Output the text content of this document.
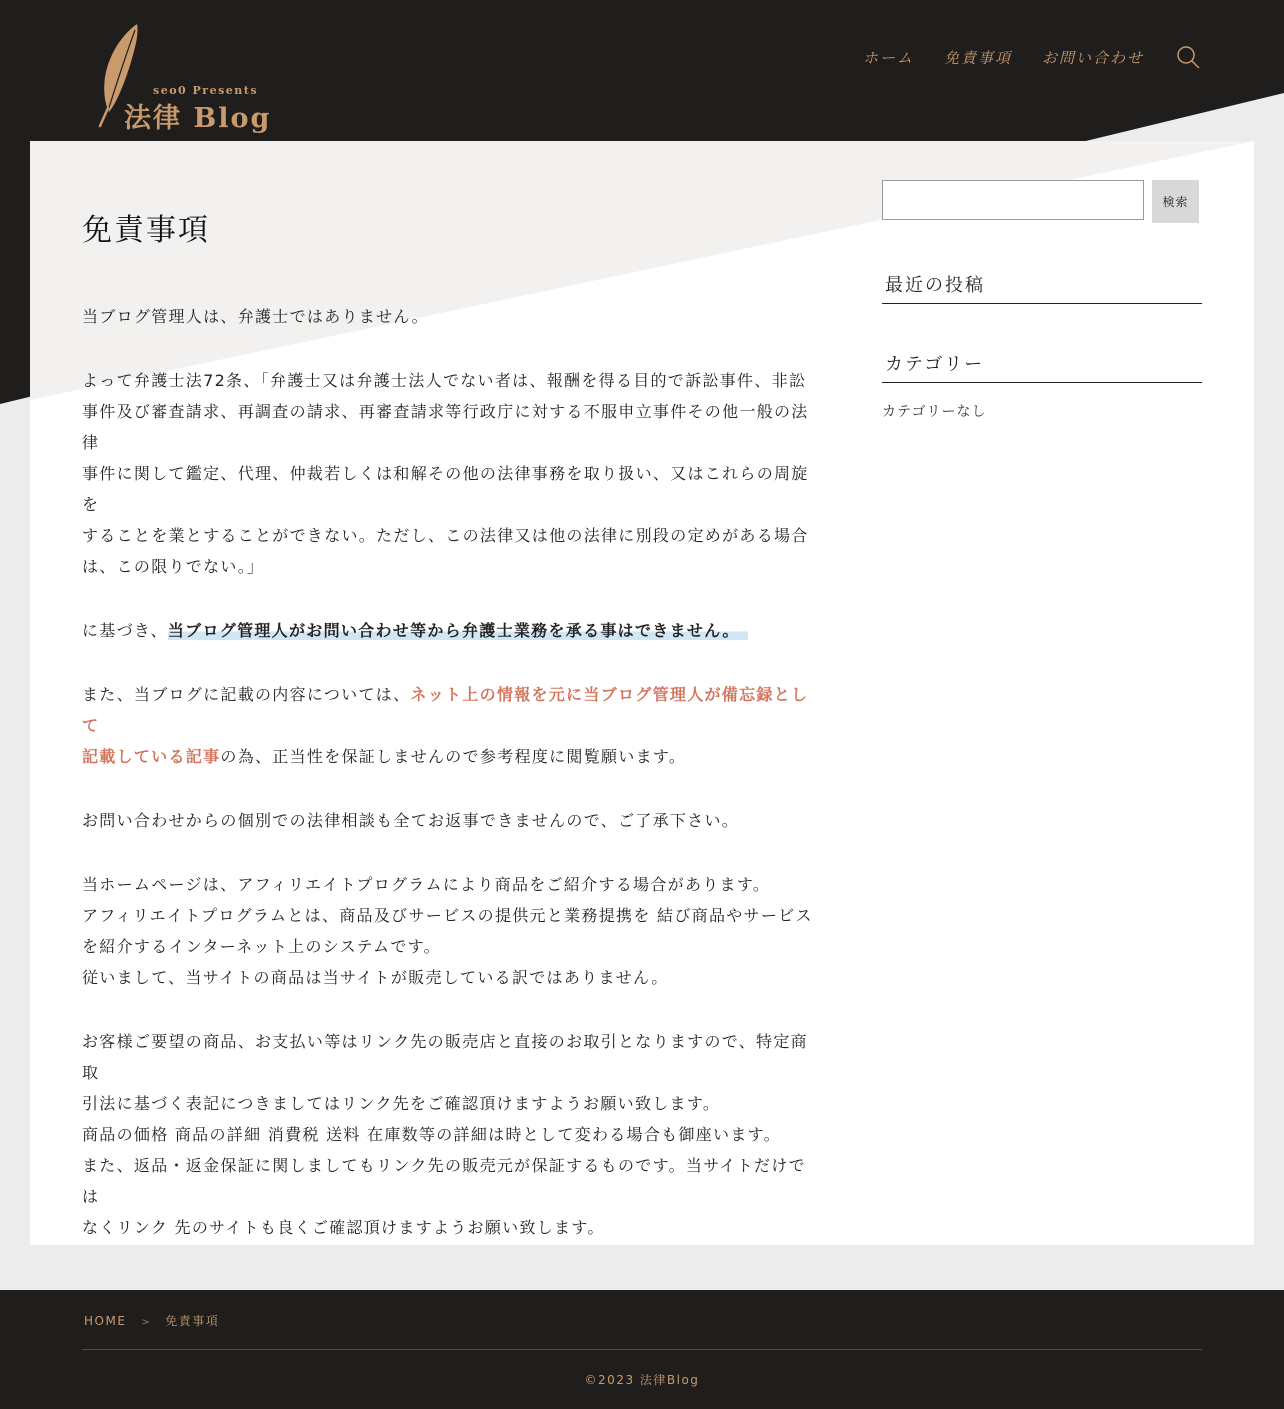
seo0 Presents
法律 Blog
ホーム 免責事項 お問い合わせ
免責事項

当ブログ管理人は、弁護士ではありません。

よって弁護士法72条、「弁護士又は弁護士法人でない者は、報酬を得る目的で訴訟事件、非訟
事件及び審査請求、再調査の請求、再審査請求等行政庁に対する不服申立事件その他一般の法律
事件に関して鑑定、代理、仲裁若しくは和解その他の法律事務を取り扱い、又はこれらの周旋を
することを業とすることができない。ただし、この法律又は他の法律に別段の定めがある場合
は、この限りでない。」

に基づき、当ブログ管理人がお問い合わせ等から弁護士業務を承る事はできません。

また、当ブログに記載の内容については、ネット上の情報を元に当ブログ管理人が備忘録として
記載している記事の為、正当性を保証しませんので参考程度に閲覧願います。

お問い合わせからの個別での法律相談も全てお返事できませんので、ご了承下さい。

当ホームページは、アフィリエイトプログラムにより商品をご紹介する場合があります。
アフィリエイトプログラムとは、商品及びサービスの提供元と業務提携を 結び商品やサービス
を紹介するインターネット上のシステムです。
従いまして、当サイトの商品は当サイトが販売している訳ではありません。

お客様ご要望の商品、お支払い等はリンク先の販売店と直接のお取引となりますので、特定商取
引法に基づく表記につきましてはリンク先をご確認頂けますようお願い致します。
商品の価格 商品の詳細 消費税 送料 在庫数等の詳細は時として変わる場合も御座います。
また、返品・返金保証に関しましてもリンク先の販売元が保証するものです。当サイトだけでは
なくリンク 先のサイトも良くご確認頂けますようお願い致します。

検索
最近の投稿
カテゴリー
カテゴリーなし
HOME > 免責事項
©2023 法律Blog
